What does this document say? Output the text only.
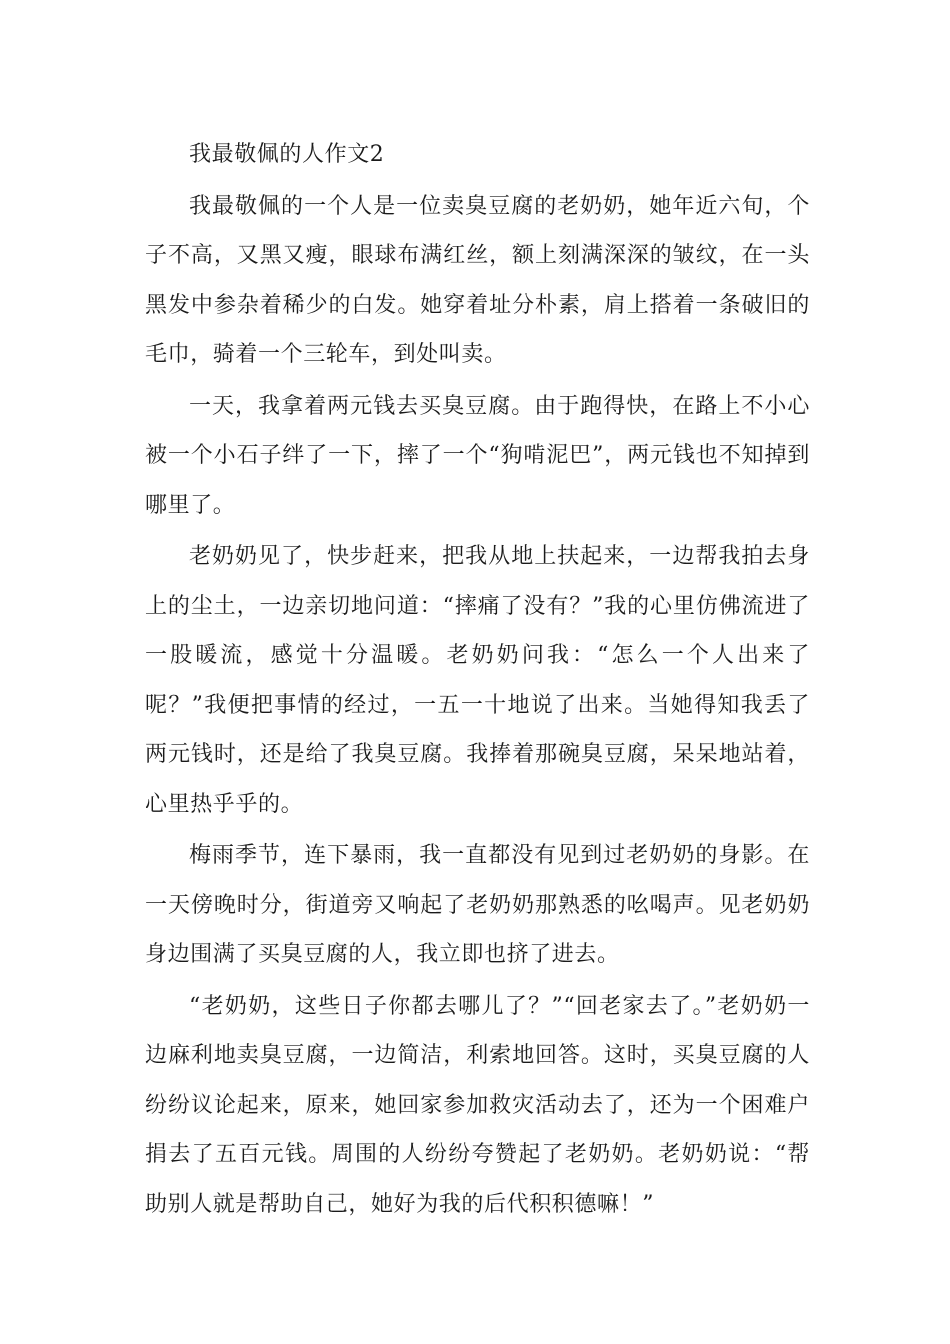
我最敬佩的人作文2

我最敬佩的一个人是一位卖臭豆腐的老奶奶，她年近六旬，个子不高，又黑又瘦，眼球布满红丝，额上刻满深深的皱纹，在一头黑发中参杂着稀少的白发。她穿着址分朴素，肩上搭着一条破旧的毛巾，骑着一个三轮车，到处叫卖。

一天，我拿着两元钱去买臭豆腐。由于跑得快，在路上不小心被一个小石子绊了一下，摔了一个“狗啃泥巴”，两元钱也不知掉到哪里了。

老奶奶见了，快步赶来，把我从地上扶起来，一边帮我拍去身上的尘土，一边亲切地问道：“摔痛了没有？”我的心里仿佛流进了一股暖流，感觉十分温暖。老奶奶问我：“怎么一个人出来了呢？”我便把事情的经过，一五一十地说了出来。当她得知我丢了两元钱时，还是给了我臭豆腐。我捧着那碗臭豆腐，呆呆地站着，心里热乎乎的。

梅雨季节，连下暴雨，我一直都没有见到过老奶奶的身影。在一天傍晚时分，街道旁又响起了老奶奶那熟悉的吆喝声。见老奶奶身边围满了买臭豆腐的人，我立即也挤了进去。

“老奶奶，这些日子你都去哪儿了？”“回老家去了。”老奶奶一边麻利地卖臭豆腐，一边简洁，利索地回答。这时，买臭豆腐的人纷纷议论起来，原来，她回家参加救灾活动去了，还为一个困难户捐去了五百元钱。周围的人纷纷夸赞起了老奶奶。老奶奶说：“帮助别人就是帮助自己，她好为我的后代积积德嘛！”
